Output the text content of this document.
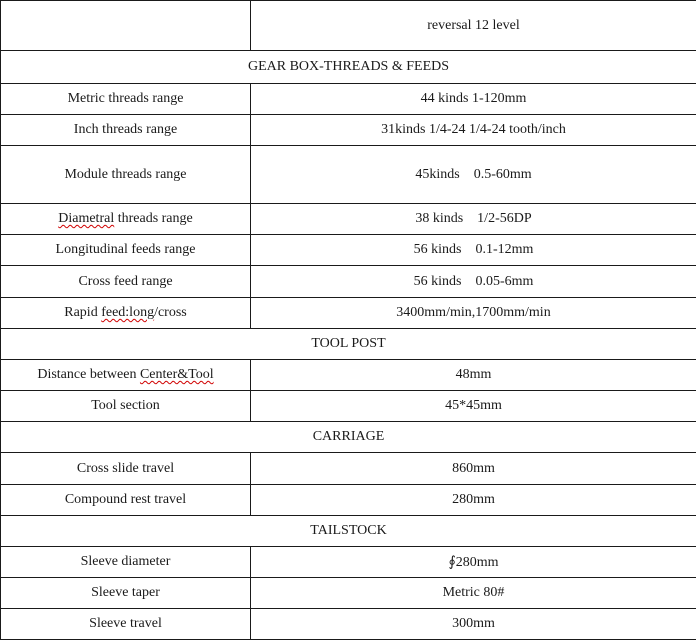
	reversal 12 level
GEAR BOX-THREADS & FEEDS	
Metric threads range	44 kinds 1-120mm
Inch threads range	31kinds 1/4-24 1/4-24 tooth/inch
Module threads range	45kinds    0.5-60mm
Diametral threads range	38 kinds    1/2-56DP
Longitudinal feeds range	56 kinds    0.1-12mm
Cross feed range	56 kinds    0.05-6mm
Rapid feed:long/cross	3400mm/min,1700mm/min
TOOL POST	
Distance between Center&Tool	48mm
Tool section	45*45mm
CARRIAGE	
Cross slide travel	860mm
Compound rest travel	280mm
TAILSTOCK	
Sleeve diameter	∮280mm
Sleeve taper	Metric 80#
Sleeve travel	300mm
